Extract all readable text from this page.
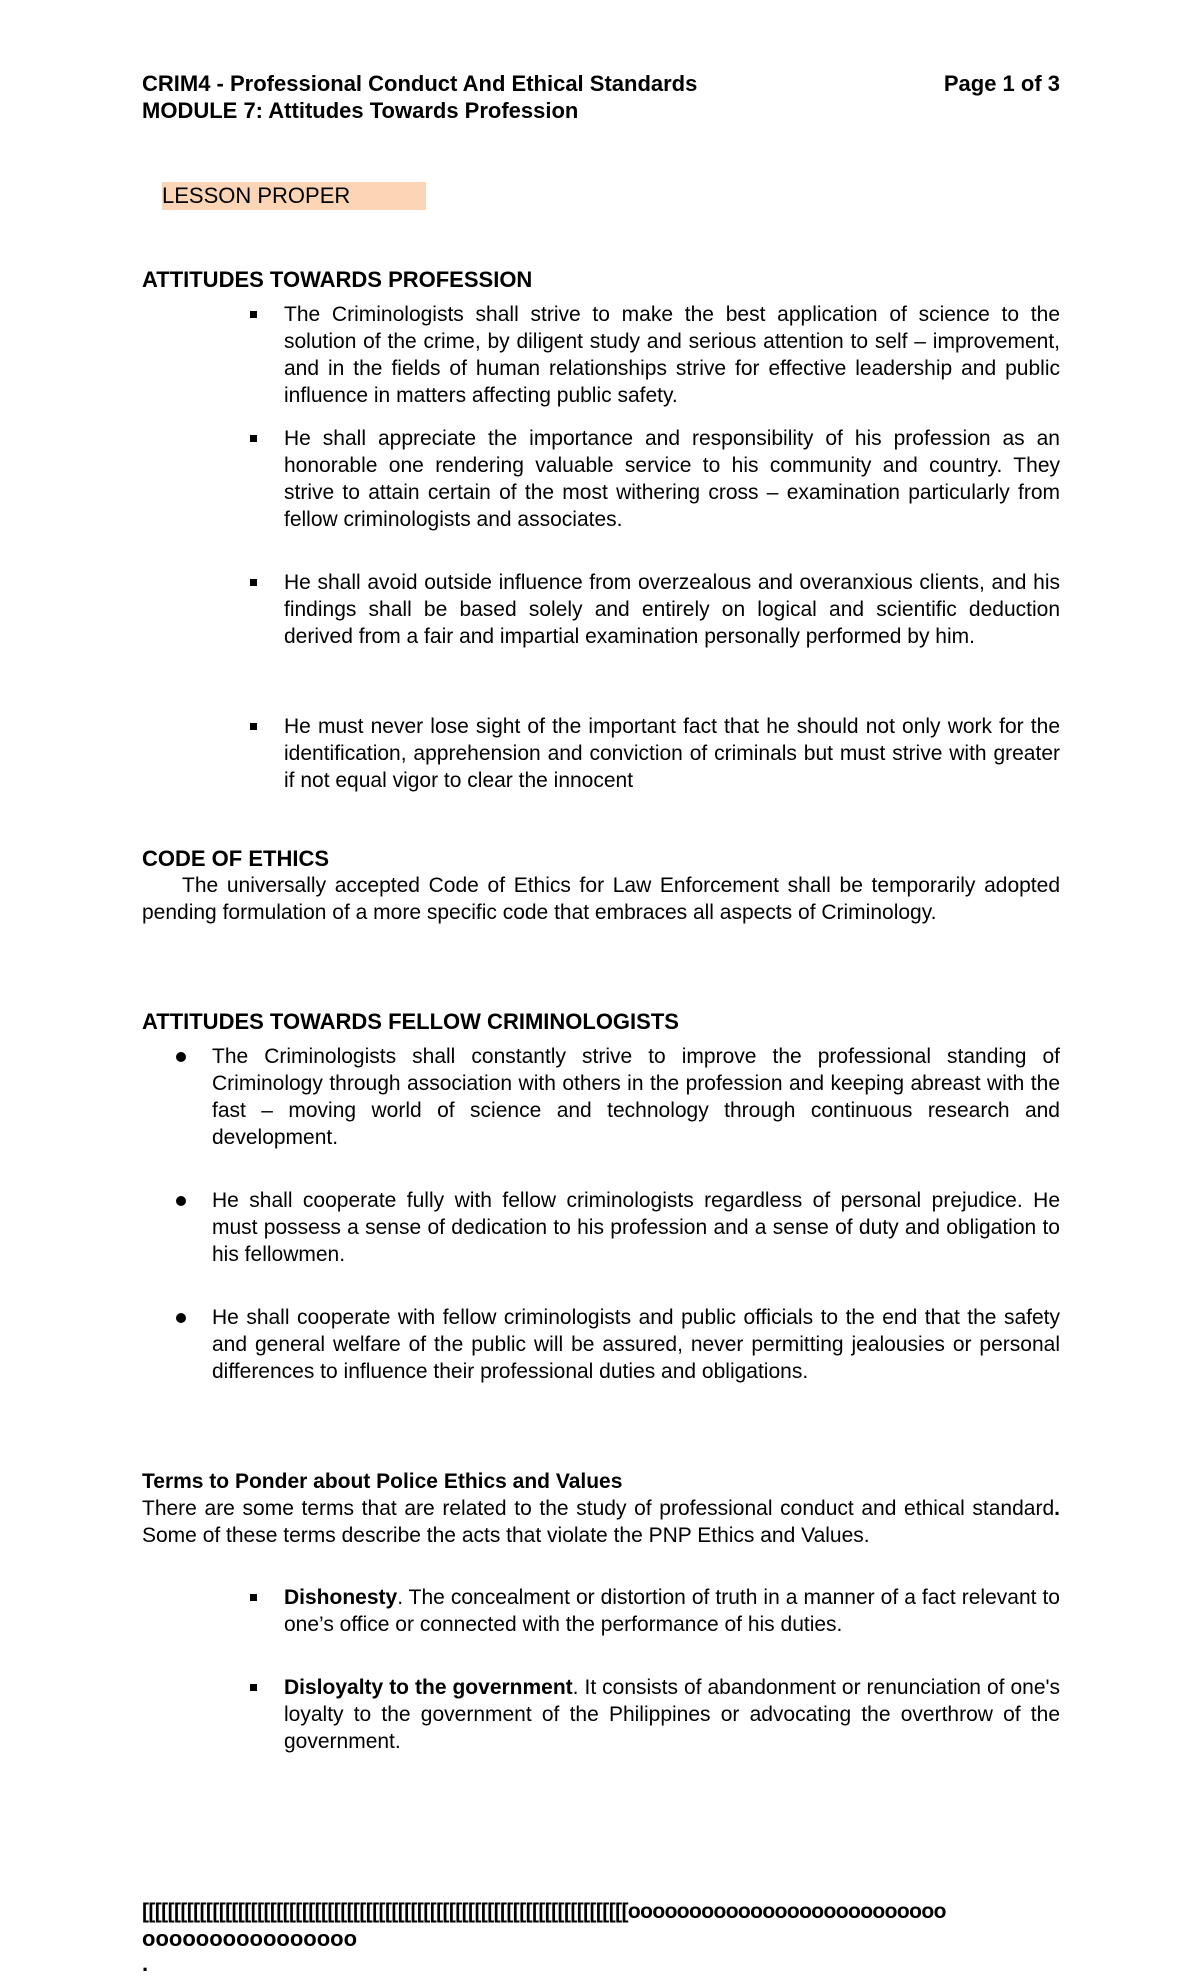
CRIM4 - Professional Conduct And Ethical Standards
MODULE 7: Attitudes Towards Profession
Page 1 of 3
LESSON PROPER
ATTITUDES TOWARDS PROFESSION

The Criminologists shall strive to make the best application of science to the solution of the crime, by diligent study and serious attention to self – improvement, and in the fields of human relationships strive for effective leadership and public influence in matters affecting public safety.

He shall appreciate the importance and responsibility of his profession as an honorable one rendering valuable service to his community and country. They strive to attain certain of the most withering cross – examination particularly from fellow criminologists and associates.

He shall avoid outside influence from overzealous and overanxious clients, and his findings shall be based solely and entirely on logical and scientific deduction derived from a fair and impartial examination personally performed by him.

He must never lose sight of the important fact that he should not only work for the identification, apprehension and conviction of criminals but must strive with greater if not equal vigor to clear the innocent

CODE OF ETHICS

The universally accepted Code of Ethics for Law Enforcement shall be temporarily adopted pending formulation of a more specific code that embraces all aspects of Criminology.

ATTITUDES TOWARDS FELLOW CRIMINOLOGISTS

The Criminologists shall constantly strive to improve the professional standing of Criminology through association with others in the profession and keeping abreast with the fast – moving world of science and technology through continuous research and development.

He shall cooperate fully with fellow criminologists regardless of personal prejudice. He must possess a sense of dedication to his profession and a sense of duty and obligation to his fellowmen.

He shall cooperate with fellow criminologists and public officials to the end that the safety and general welfare of the public will be assured, never permitting jealousies or personal differences to influence their professional duties and obligations.

Terms to Ponder about Police Ethics and Values

There are some terms that are related to the study of professional conduct and ethical standard. Some of these terms describe the acts that violate the PNP Ethics and Values.

Dishonesty. The concealment or distortion of truth in a manner of a fact relevant to one’s office or connected with the performance of his duties.

Disloyalty to the government. It consists of abandonment or renunciation of one's loyalty to the government of the Philippines or advocating the overthrow of the government.

[[[[[[[[[[[[[[[[[[[[[[[[[[[[[[[[[[[[[[[[[[[[[[[[[[[[[[[[[[[[[[[[[[[[[[[[[[[[oooooooooooooooooooooooooo
oooooooooooooooo
.
